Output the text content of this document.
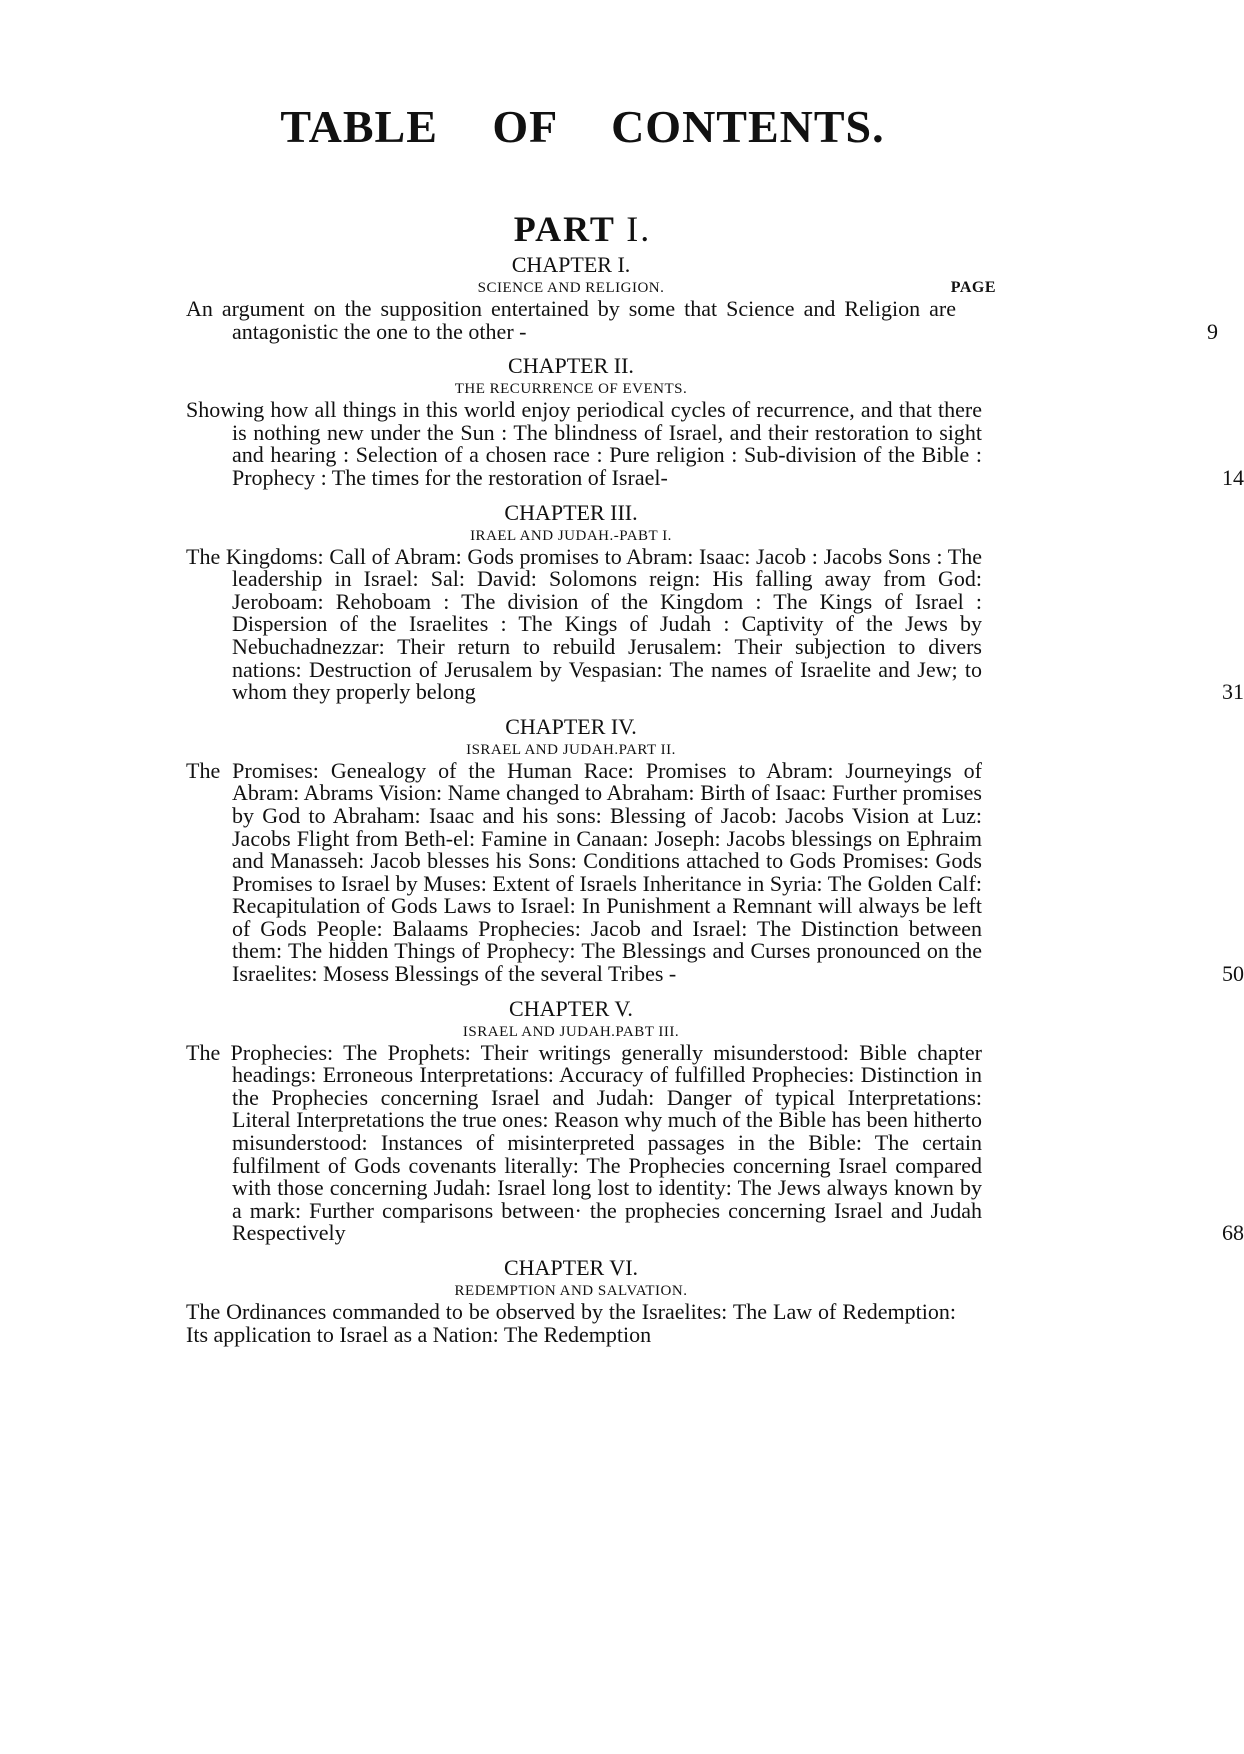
TABLE OF CONTENTS.
PART I.

CHAPTER I.

SCIENCE AND RELIGION.	PAGE

An argument on the supposition entertained by some that Science and Religion are antagonistic the one to the other -	9

CHAPTER II.

THE RECURRENCE OF EVENTS.

Showing how all things in this world enjoy periodical cycles of recurrence, and that there is nothing new under the Sun : The blindness of Israel, and their restoration to sight and hearing : Selection of a chosen race : Pure religion : Sub-division of the Bible : Prophecy : The times for the restoration of Israel-	14

CHAPTER III.

IRAEL AND JUDAH.-PABT I.

The Kingdoms: Call of Abram: Gods promises to Abram: Isaac: Jacob : Jacobs Sons : The leadership in Israel: Sal: David: Solomons reign: His falling away from God: Jeroboam: Rehoboam : The division of the Kingdom : The Kings of Israel : Dispersion of the Israelites : The Kings of Judah : Captivity of the Jews by Nebuchadnezzar: Their return to rebuild Jerusalem: Their subjection to divers nations: Destruction of Jerusalem by Vespasian: The names of Israelite and Jew; to whom they properly belong	31

CHAPTER IV.

ISRAEL AND JUDAH.PART II.

The Promises: Genealogy of the Human Race: Promises to Abram: Journeyings of Abram: Abrams Vision: Name changed to Abraham: Birth of Isaac: Further promises by God to Abraham: Isaac and his sons: Blessing of Jacob: Jacobs Vision at Luz: Jacobs Flight from Beth-el: Famine in Canaan: Joseph: Jacobs blessings on Ephraim and Manasseh: Jacob blesses his Sons: Conditions attached to Gods Promises: Gods Promises to Israel by Muses: Extent of Israels Inheritance in Syria: The Golden Calf: Recapitulation of Gods Laws to Israel: In Punishment a Remnant will always be left of Gods People: Balaams Prophecies: Jacob and Israel: The Distinction between them: The hidden Things of Prophecy: The Blessings and Curses pronounced on the Israelites: Mosess Blessings of the several Tribes -	50

CHAPTER V.

ISRAEL AND JUDAH.PABT III.

The Prophecies: The Prophets: Their writings generally misunderstood: Bible chapter headings: Erroneous Interpretations: Accuracy of fulfilled Prophecies: Distinction in the Prophecies concerning Israel and Judah: Danger of typical Interpretations: Literal Interpretations the true ones: Reason why much of the Bible has been hitherto misunderstood: Instances of misinterpreted passages in the Bible: The certain fulfilment of Gods covenants literally: The Prophecies concerning Israel compared with those concerning Judah: Israel long lost to identity: The Jews always known by a mark: Further comparisons between· the prophecies concerning Israel and Judah Respectively	68

CHAPTER VI.

REDEMPTION AND SALVATION.

The Ordinances commanded to be observed by the Israelites: The Law of Redemption: Its application to Israel as a Nation: The Redemption
